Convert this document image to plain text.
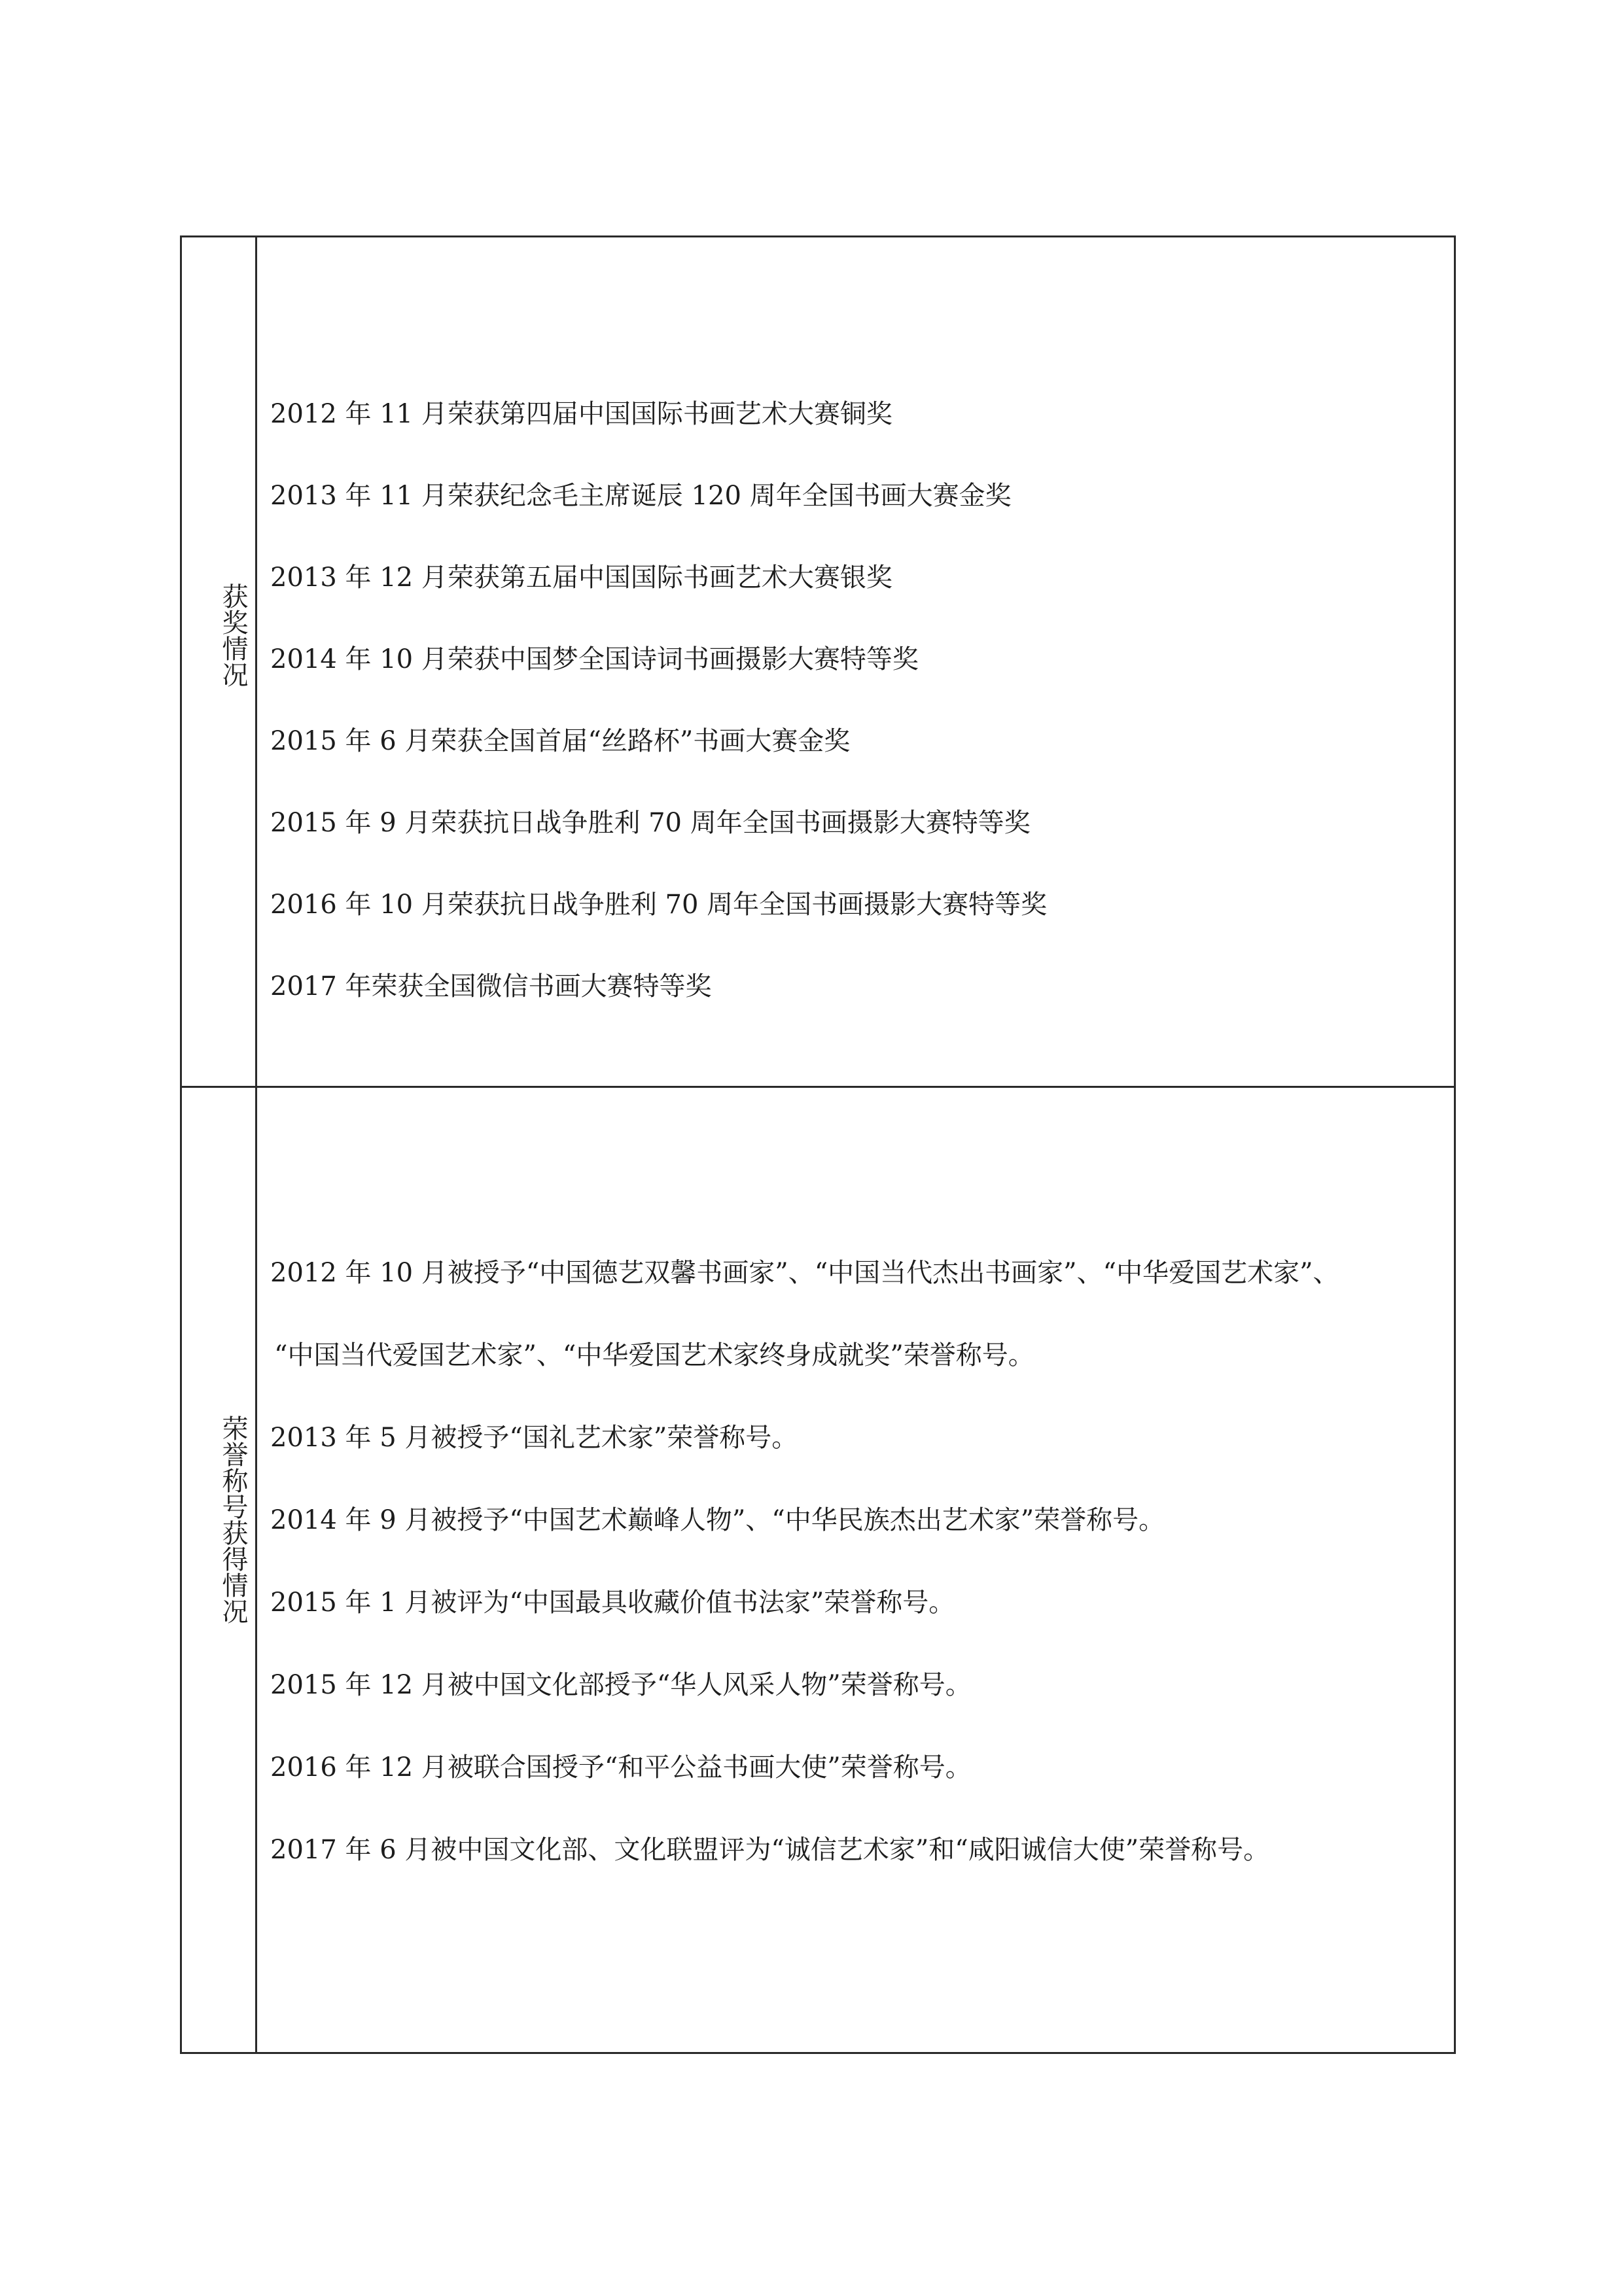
获奖情况
2012 年 11 月荣获第四届中国国际书画艺术大赛铜奖
2013 年 11 月荣获纪念毛主席诞辰 120 周年全国书画大赛金奖
2013 年 12 月荣获第五届中国国际书画艺术大赛银奖
2014 年 10 月荣获中国梦全国诗词书画摄影大赛特等奖
2015 年 6 月荣获全国首届“丝路杯”书画大赛金奖
2015 年 9 月荣获抗日战争胜利 70 周年全国书画摄影大赛特等奖
2016 年 10 月荣获抗日战争胜利 70 周年全国书画摄影大赛特等奖
2017 年荣获全国微信书画大赛特等奖
荣誉称号获得情况
2012 年 10 月被授予“中国德艺双馨书画家”、“中国当代杰出书画家”、“中华爱国艺术家”、
“中国当代爱国艺术家”、“中华爱国艺术家终身成就奖”荣誉称号。
2013 年 5 月被授予“国礼艺术家”荣誉称号。
2014 年 9 月被授予“中国艺术巅峰人物”、“中华民族杰出艺术家”荣誉称号。
2015 年 1 月被评为“中国最具收藏价值书法家”荣誉称号。
2015 年 12 月被中国文化部授予“华人风采人物”荣誉称号。
2016 年 12 月被联合国授予“和平公益书画大使”荣誉称号。
2017 年 6 月被中国文化部、文化联盟评为“诚信艺术家”和“咸阳诚信大使”荣誉称号。
